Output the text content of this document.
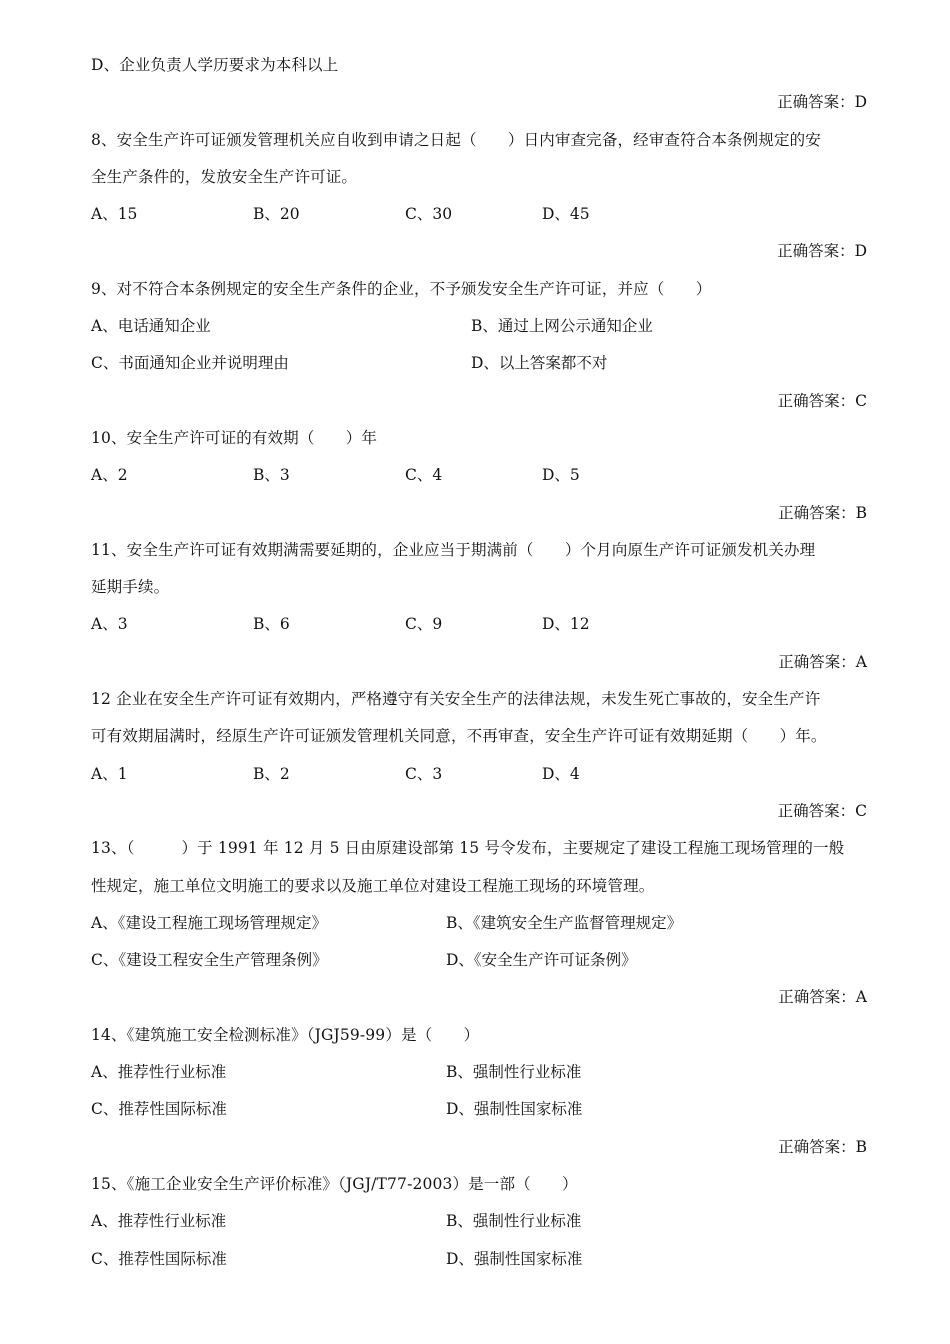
D、企业负责人学历要求为本科以上
正确答案：D
8、安全生产许可证颁发管理机关应自收到申请之日起（　　）日内审查完备，经审查符合本条例规定的安
全生产条件的，发放安全生产许可证。
A、15	B、20	C、30	D、45
正确答案：D
9、对不符合本条例规定的安全生产条件的企业，不予颁发安全生产许可证，并应（　　）
A、电话通知企业	B、通过上网公示通知企业
C、书面通知企业并说明理由	D、以上答案都不对
正确答案：C
10、安全生产许可证的有效期（　　）年
A、2	B、3	C、4	D、5
正确答案：B
11、安全生产许可证有效期满需要延期的，企业应当于期满前（　　）个月向原生产许可证颁发机关办理
延期手续。
A、3	B、6	C、9	D、12
正确答案：A
12 企业在安全生产许可证有效期内，严格遵守有关安全生产的法律法规，未发生死亡事故的，安全生产许
可有效期届满时，经原生产许可证颁发管理机关同意，不再审查，安全生产许可证有效期延期（　　）年。
A、1	B、2	C、3	D、4
正确答案：C
13、（　　　）于 1991 年 12 月 5 日由原建设部第 15 号令发布，主要规定了建设工程施工现场管理的一般
性规定，施工单位文明施工的要求以及施工单位对建设工程施工现场的环境管理。
A、《建设工程施工现场管理规定》	B、《建筑安全生产监督管理规定》
C、《建设工程安全生产管理条例》	D、《安全生产许可证条例》
正确答案：A
14、《建筑施工安全检测标准》（JGJ59-99）是（　　）
A、推荐性行业标准	B、强制性行业标准
C、推荐性国际标准	D、强制性国家标准
正确答案：B
15、《施工企业安全生产评价标准》（JGJ/T77-2003）是一部（　　）
A、推荐性行业标准	B、强制性行业标准
C、推荐性国际标准	D、强制性国家标准
